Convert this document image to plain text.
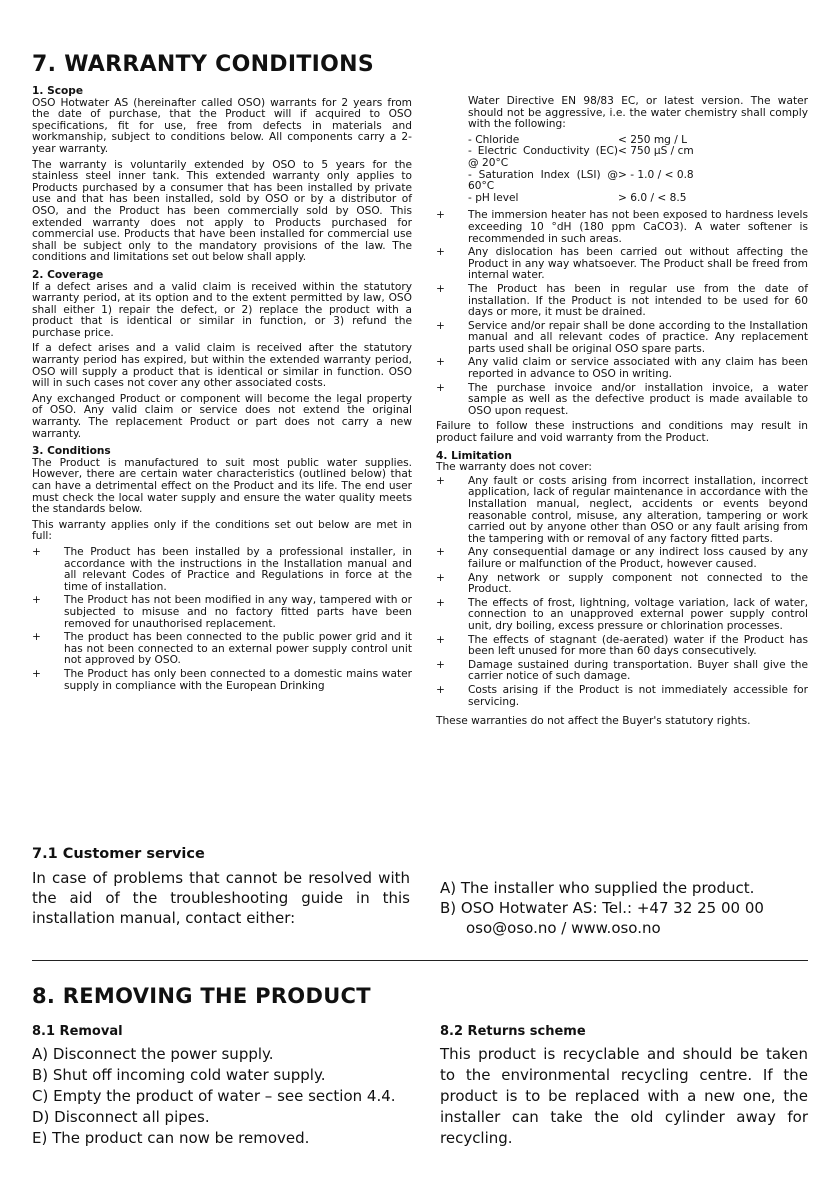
7. WARRANTY CONDITIONS
1. Scope

OSO Hotwater AS (hereinafter called OSO) warrants for 2 years from the date of purchase, that the Product will if acquired to OSO specifications, fit for use, free from defects in materials and workmanship, subject to conditions below. All components carry a 2-year warranty.

The warranty is voluntarily extended by OSO to 5 years for the stainless steel inner tank. This extended warranty only applies to Products purchased by a consumer that has been installed by private use and that has been installed, sold by OSO or by a distributor of OSO, and the Product has been commercially sold by OSO. This extended warranty does not apply to Products purchased for commercial use. Products that have been installed for commercial use shall be subject only to the mandatory provisions of the law. The conditions and limitations set out below shall apply.

2. Coverage

If a defect arises and a valid claim is received within the statutory warranty period, at its option and to the extent permitted by law, OSO shall either 1) repair the defect, or 2) replace the product with a product that is identical or similar in function, or 3) refund the purchase price.

If a defect arises and a valid claim is received after the statutory warranty period has expired, but within the extended warranty period, OSO will supply a product that is identical or similar in function. OSO will in such cases not cover any other associated costs.

Any exchanged Product or component will become the legal property of OSO. Any valid claim or service does not extend the original warranty. The replacement Product or part does not carry a new warranty.

3. Conditions

The Product is manufactured to suit most public water supplies. However, there are certain water characteristics (outlined below) that can have a detrimental effect on the Product and its life. The end user must check the local water supply and ensure the water quality meets the standards below.

This warranty applies only if the conditions set out below are met in full:

+ The Product has been installed by a professional installer, in accordance with the instructions in the Installation manual and all relevant Codes of Practice and Regulations in force at the time of installation.
+ The Product has not been modified in any way, tampered with or subjected to misuse and no factory fitted parts have been removed for unauthorised replacement.
+ The product has been connected to the public power grid and it has not been connected to an external power supply control unit not approved by OSO.
+ The Product has only been connected to a domestic mains water supply in compliance with the European Drinking

Water Directive EN 98/83 EC, or latest version. The water should not be aggressive, i.e. the water chemistry shall comply with the following:

- Chloride	< 250 mg / L
- Electric Conductivity (EC) @ 20°C
< 750 µS / cm
- Saturation Index (LSI) @ 60°C
> - 1.0 / < 0.8
- pH level	> 6.0 / < 8.5
+ The immersion heater has not been exposed to hardness levels exceeding 10 °dH (180 ppm CaCO3). A water softener is recommended in such areas.
+ Any dislocation has been carried out without affecting the Product in any way whatsoever. The Product shall be freed from internal water.
+ The Product has been in regular use from the date of installation. If the Product is not intended to be used for 60 days or more, it must be drained.
+ Service and/or repair shall be done according to the Installation manual and all relevant codes of practice. Any replacement parts used shall be original OSO spare parts.
+ Any valid claim or service associated with any claim has been reported in advance to OSO in writing.
+ The purchase invoice and/or installation invoice, a water sample as well as the defective product is made available to OSO upon request.

Failure to follow these instructions and conditions may result in product failure and void warranty from the Product.

4. Limitation

The warranty does not cover:

+ Any fault or costs arising from incorrect installation, incorrect application, lack of regular maintenance in accordance with the Installation manual, neglect, accidents or events beyond reasonable control, misuse, any alteration, tampering or work carried out by anyone other than OSO or any fault arising from the tampering with or removal of any factory fitted parts.
+ Any consequential damage or any indirect loss caused by any failure or malfunction of the Product, however caused.
+ Any network or supply component not connected to the Product.
+ The effects of frost, lightning, voltage variation, lack of water, connection to an unapproved external power supply control unit, dry boiling, excess pressure or chlorination processes.
+ The effects of stagnant (de-aerated) water if the Product has been left unused for more than 60 days consecutively.
+ Damage sustained during transportation. Buyer shall give the carrier notice of such damage.
+ Costs arising if the Product is not immediately accessible for servicing.

These warranties do not affect the Buyer's statutory rights.

7.1 Customer service
In case of problems that cannot be resolved with the aid of the troubleshooting guide in this installation manual, contact either:
A) The installer who supplied the product.
B) OSO Hotwater AS: Tel.: +47 32 25 00 00
oso@oso.no / www.oso.no
8. REMOVING THE PRODUCT
8.1 Removal
A) Disconnect the power supply.
B) Shut off incoming cold water supply.
C) Empty the product of water – see section 4.4.
D) Disconnect all pipes.
E) The product can now be removed.
8.2 Returns scheme
This product is recyclable and should be taken to the environmental recycling centre. If the product is to be replaced with a new one, the installer can take the old cylinder away for recycling.
